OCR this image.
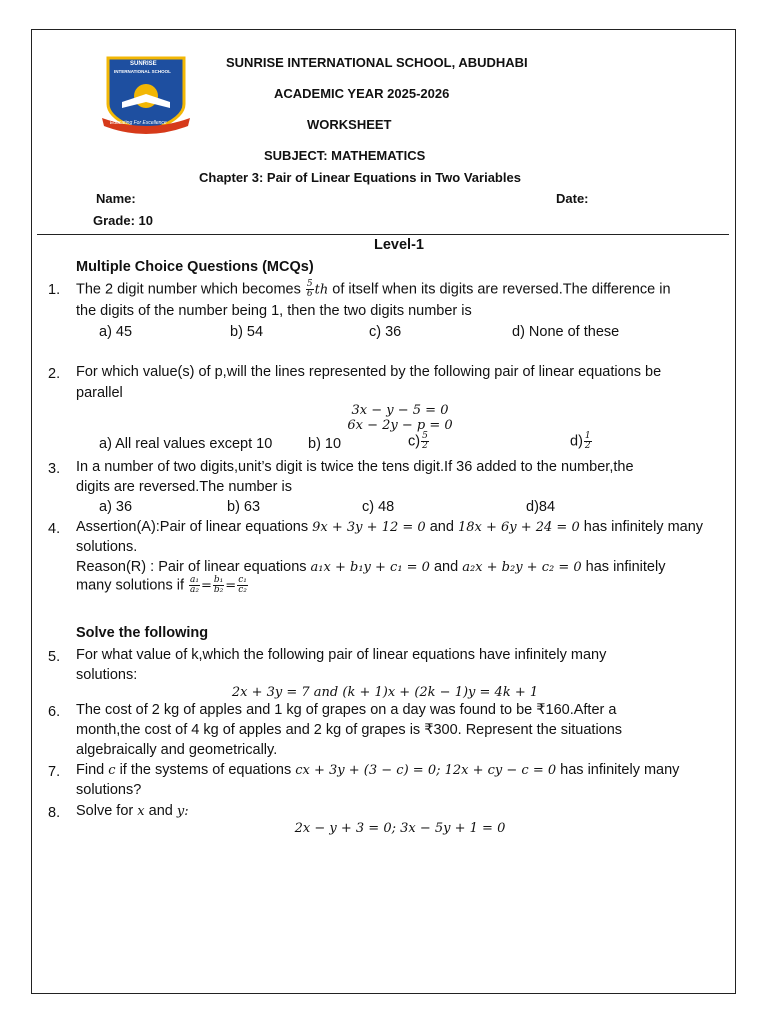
SUNRISE
INTERNATIONAL SCHOOL
Educating For Excellence
SUNRISE INTERNATIONAL SCHOOL, ABUDHABI
ACADEMIC YEAR 2025-2026
WORKSHEET
SUBJECT: MATHEMATICS
Chapter 3: Pair of Linear Equations in Two Variables
Name:	Date:
Grade: 10
Level-1
Multiple Choice Questions (MCQs)
1. The 2 digit number which becomes $\frac{5}{6}$ th of itself when its digits are reversed.The difference in
the digits of the number being 1, then the two digits number is
a) 45	b) 54	c) 36	d) None of these
2. For which value(s) of p,will the lines represented by the following pair of linear equations be
parallel
3x − y − 5 = 0
6x − 2y − p = 0
a) All real values except 10 b) 10	$c) \frac{5}{2}$	$d) \frac{1}{2}$
3. In a number of two digits,unit’s digit is twice the tens digit.If 36 added to the number,the
digits are reversed.The number is
a) 36	b) 63	c) 48	d)84
4. Assertion(A):Pair of linear equations 9x + 3y + 12 = 0 and 18x + 6y + 24 = 0 has infinitely many
solutions.
Reason(R) : Pair of linear equations a₁x + b₁y + c₁ = 0 and a₂x + b₂y + c₂ = 0 has infinitely
many solutions if $\frac{\text{a₁}}{\text{a₂}} = \frac{\text{b₁}}{\text{b₂}} = \frac{\text{c₁}}{\text{c₂}}$
Solve the following
5. For what value of k,which the following pair of linear equations have infinitely many
solutions:
2x + 3y = 7 and (k + 1)x + (2k − 1)y = 4k + 1
6. The cost of 2 kg of apples and 1 kg of grapes on a day was found to be ₹160.After a
month,the cost of 4 kg of apples and 2 kg of grapes is ₹300. Represent the situations
algebraically and geometrically.
7. Find c if the systems of equations cx + 3y + (3 − c) = 0; 12x + cy − c = 0 has infinitely many
solutions?
8. Solve for x and y:
2x − y + 3 = 0; 3x − 5y + 1 = 0
